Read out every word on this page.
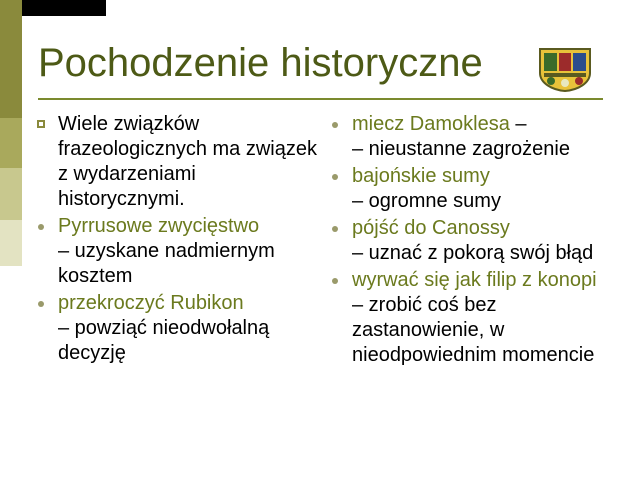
Pochodzenie historyczne
Wiele związków frazeologicznych ma związek z wydarzeniami historycznymi.
Pyrrusowe zwycięstwo
– uzyskane nadmiernym kosztem
przekroczyć Rubikon
– powziąć nieodwołalną decyzję
miecz Damoklesa –
– nieustanne zagrożenie
bajońskie sumy
– ogromne sumy
pójść do Canossy
– uznać z pokorą swój błąd
wyrwać się jak filip z konopi
– zrobić coś bez zastanowienie, w nieodpowiednim momencie
